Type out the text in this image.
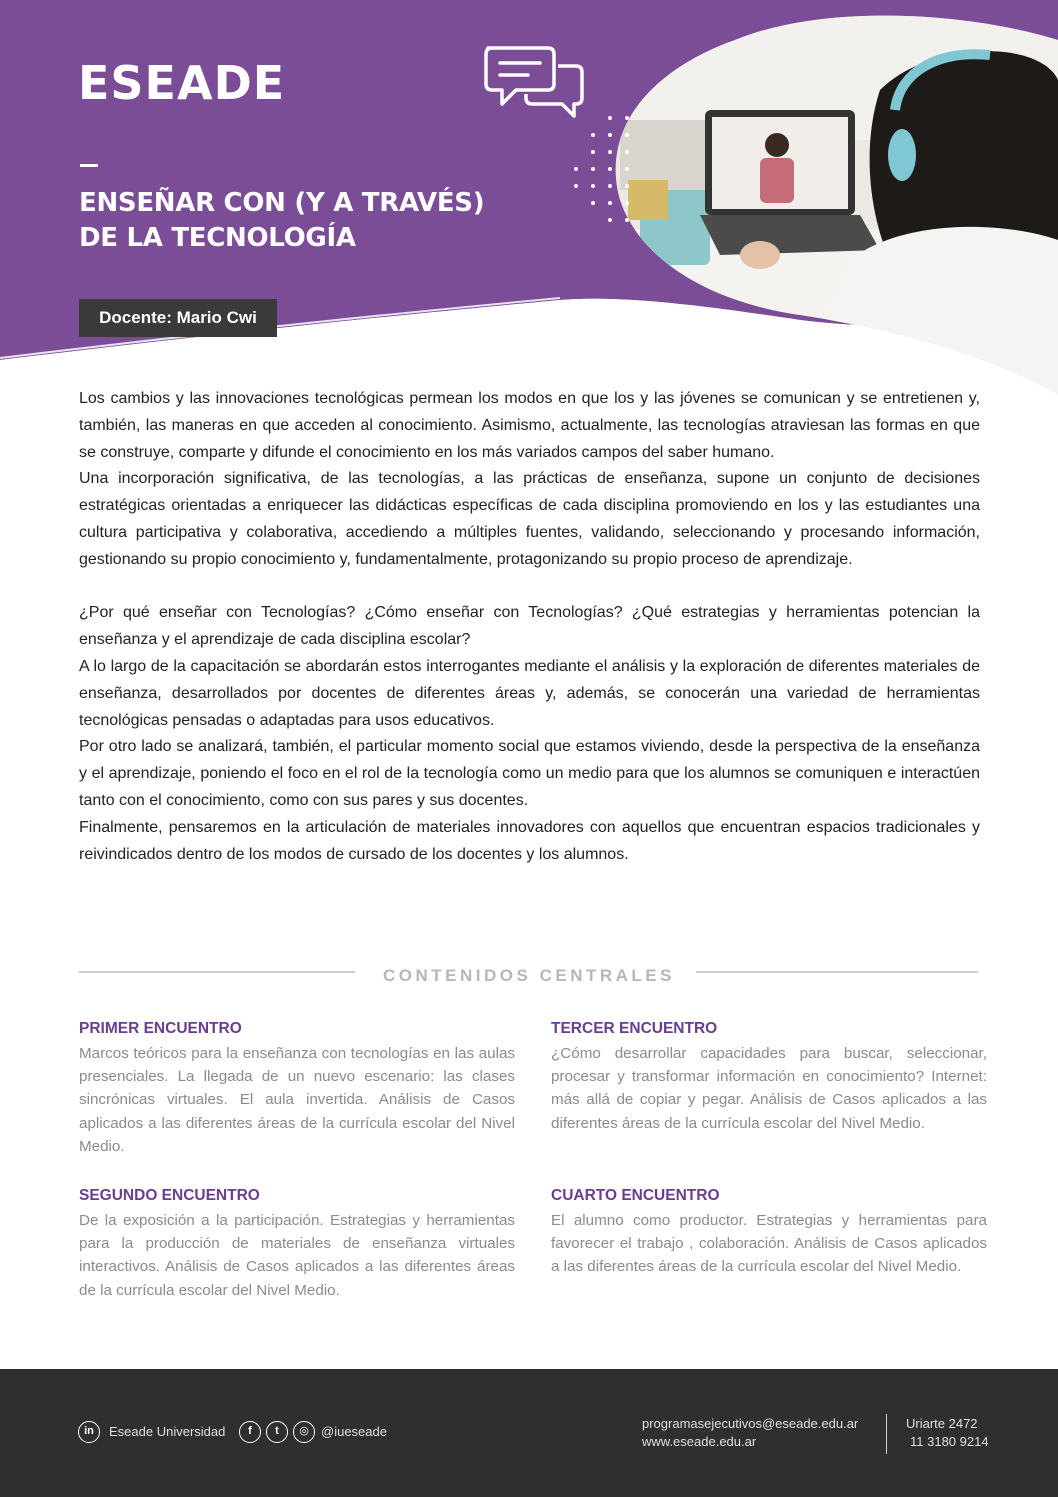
ESEADE
ENSEÑAR CON (Y A TRAVÉS)
DE LA TECNOLOGÍA
Docente: Mario Cwi

Los cambios y las innovaciones tecnológicas permean los modos en que los y las jóvenes se comunican y se entretienen y, también, las maneras en que acceden al conocimiento. Asimismo, actualmente, las tecnologías atraviesan las formas en que se construye, comparte y difunde el conocimiento en los más variados campos del saber humano.

Una incorporación significativa, de las tecnologías, a las prácticas de enseñanza, supone un conjunto de decisiones estratégicas orientadas a enriquecer las didácticas específicas de cada disciplina promoviendo en los y las estudiantes una cultura participativa y colaborativa, accediendo a múltiples fuentes, validando, seleccionando y procesando información, gestionando su propio conocimiento y, fundamentalmente, protagonizando su propio proceso de aprendizaje.

¿Por qué enseñar con Tecnologías? ¿Cómo enseñar con Tecnologías? ¿Qué estrategias y herramientas potencian la enseñanza y el aprendizaje de cada disciplina escolar?

A lo largo de la capacitación se abordarán estos interrogantes mediante el análisis y la exploración de diferentes materiales de enseñanza, desarrollados por docentes de diferentes áreas y, además, se conocerán una variedad de herramientas tecnológicas pensadas o adaptadas para usos educativos.

Por otro lado se analizará, también, el particular momento social que estamos viviendo, desde la perspectiva de la enseñanza y el aprendizaje, poniendo el foco en el rol de la tecnología como un medio para que los alumnos se comuniquen e interactúen tanto con el conocimiento, como con sus pares y sus docentes.

Finalmente, pensaremos en la articulación de materiales innovadores con aquellos que encuentran espacios tradicionales y reivindicados dentro de los modos de cursado de los docentes y los alumnos.

CONTENIDOS CENTRALES
PRIMER ENCUENTRO

Marcos teóricos para la enseñanza con tecnologías en las aulas presenciales. La llegada de un nuevo escenario: las clases sincrónicas virtuales. El aula invertida. Análisis de Casos aplicados a las diferentes áreas de la currícula escolar del Nivel Medio.

SEGUNDO ENCUENTRO

De la exposición a la participación. Estrategias y herramientas para la producción de materiales de enseñanza virtuales interactivos. Análisis de Casos aplicados a las diferentes áreas de la currícula escolar del Nivel Medio.

TERCER ENCUENTRO

¿Cómo desarrollar capacidades para buscar, seleccionar, procesar y transformar información en conocimiento? Internet: más allá de copiar y pegar. Análisis de Casos aplicados a las diferentes áreas de la currícula escolar del Nivel Medio.

CUARTO ENCUENTRO

El alumno como productor. Estrategias y herramientas para favorecer el trabajo , colaboración. Análisis de Casos aplicados a las diferentes áreas de la currícula escolar del Nivel Medio.

in	Eseade Universidad	f	t	◎ @iueseade
programasejecutivos@eseade.edu.ar
www.eseade.edu.ar
Uriarte 2472
11 3180 9214
